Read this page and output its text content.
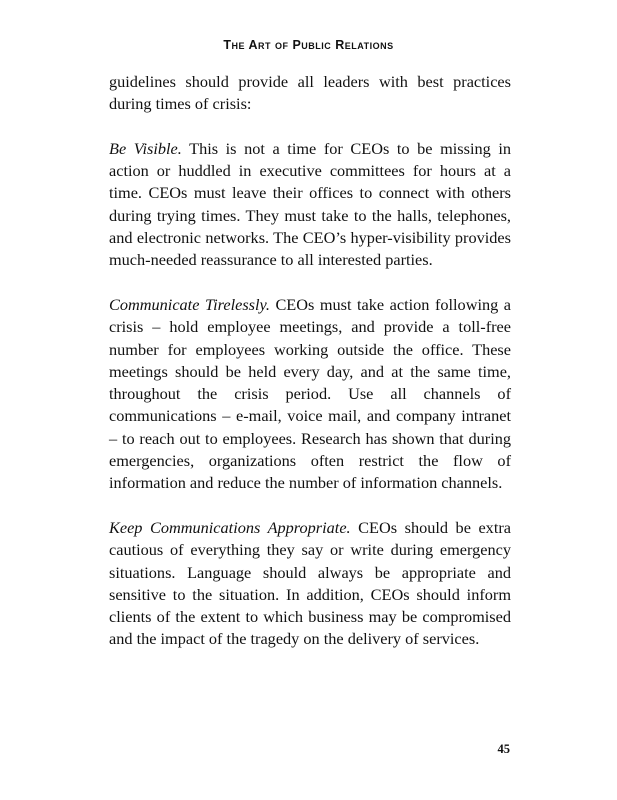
The Art of Public Relations

guidelines should provide all leaders with best practices during times of crisis:

Be Visible. This is not a time for CEOs to be missing in action or huddled in executive committees for hours at a time. CEOs must leave their offices to connect with others during trying times. They must take to the halls, telephones, and electronic networks. The CEO’s hyper-visibility provides much-needed reassurance to all interested parties.

Communicate Tirelessly. CEOs must take action following a crisis – hold employee meetings, and provide a toll-free number for employees working outside the office. These meetings should be held every day, and at the same time, throughout the crisis period. Use all channels of communications – e-mail, voice mail, and company intranet – to reach out to employees. Research has shown that during emergencies, organizations often restrict the flow of information and reduce the number of information channels.

Keep Communications Appropriate. CEOs should be extra cautious of everything they say or write during emergency situations. Language should always be appropriate and sensitive to the situation. In addition, CEOs should inform clients of the extent to which business may be compromised and the impact of the tragedy on the delivery of services.

45
